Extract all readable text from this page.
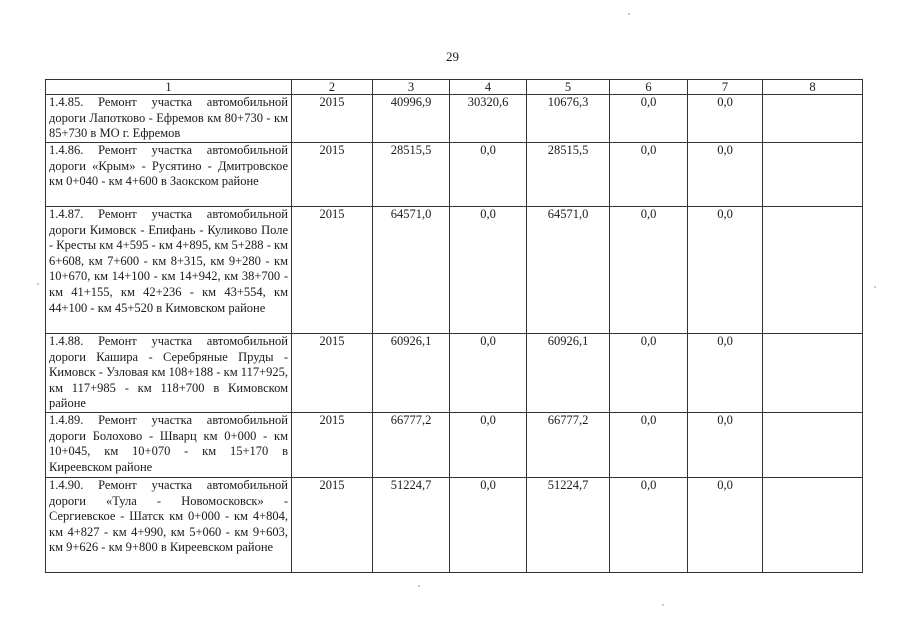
29
1	2	3	4	5	6	7	8
1.4.85. Ремонт участка автомобильной дороги Лапотково - Ефремов км 80+730 - км 85+730 в МО г. Ефремов	2015	40996,9	30320,6	10676,3	0,0	0,0	
1.4.86. Ремонт участка автомобильной дороги «Крым» - Русятино - Дмитровское км 0+040 - км 4+600 в Заокском районе	2015	28515,5	0,0	28515,5	0,0	0,0	
1.4.87. Ремонт участка автомобильной дороги Кимовск - Епифань - Куликово Поле - Кресты км 4+595 - км 4+895, км 5+288 - км 6+608, км 7+600 - км 8+315, км 9+280 - км 10+670, км 14+100 - км 14+942, км 38+700 - км 41+155, км 42+236 - км 43+554, км 44+100 - км 45+520 в Кимовском районе	2015	64571,0	0,0	64571,0	0,0	0,0	
1.4.88. Ремонт участка автомобильной дороги Кашира - Серебряные Пруды - Кимовск - Узловая км 108+188 - км 117+925, км 117+985 - км 118+700 в Кимовском районе	2015	60926,1	0,0	60926,1	0,0	0,0	
1.4.89. Ремонт участка автомобильной дороги Болохово - Шварц км 0+000 - км 10+045, км 10+070 - км 15+170 в Киреевском районе	2015	66777,2	0,0	66777,2	0,0	0,0	
1.4.90. Ремонт участка автомобильной дороги «Тула - Новомосковск» - Сергиевское - Шатск км 0+000 - км 4+804, км 4+827 - км 4+990, км 5+060 - км 9+603, км 9+626 - км 9+800 в Киреевском районе	2015	51224,7	0,0	51224,7	0,0	0,0	
